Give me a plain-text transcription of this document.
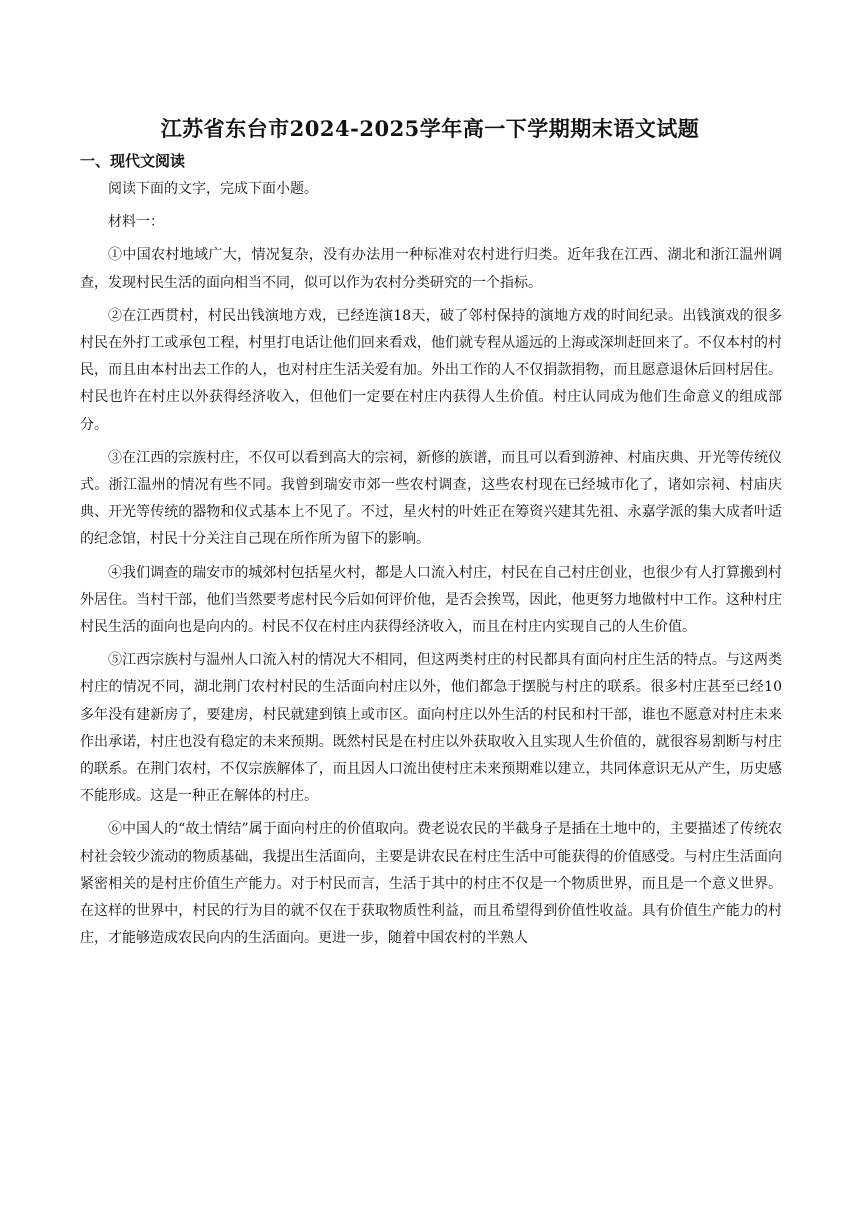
江苏省东台市2024-2025学年高一下学期期末语文试题
一、现代文阅读

阅读下面的文字，完成下面小题。

材料一：

①中国农村地域广大，情况复杂，没有办法用一种标准对农村进行归类。近年我在江西、湖北和浙江温州调查，发现村民生活的面向相当不同，似可以作为农村分类研究的一个指标。

②在江西贯村，村民出钱演地方戏，已经连演18天，破了邻村保持的演地方戏的时间纪录。出钱演戏的很多村民在外打工或承包工程，村里打电话让他们回来看戏，他们就专程从遥远的上海或深圳赶回来了。不仅本村的村民，而且由本村出去工作的人，也对村庄生活关爱有加。外出工作的人不仅捐款捐物，而且愿意退休后回村居住。村民也许在村庄以外获得经济收入，但他们一定要在村庄内获得人生价值。村庄认同成为他们生命意义的组成部分。

③在江西的宗族村庄，不仅可以看到高大的宗祠，新修的族谱，而且可以看到游神、村庙庆典、开光等传统仪式。浙江温州的情况有些不同。我曾到瑞安市郊一些农村调查，这些农村现在已经城市化了，诸如宗祠、村庙庆典、开光等传统的器物和仪式基本上不见了。不过，星火村的叶姓正在筹资兴建其先祖、永嘉学派的集大成者叶适的纪念馆，村民十分关注自己现在所作所为留下的影响。

④我们调查的瑞安市的城郊村包括星火村，都是人口流入村庄，村民在自己村庄创业，也很少有人打算搬到村外居住。当村干部，他们当然要考虑村民今后如何评价他，是否会挨骂，因此，他更努力地做村中工作。这种村庄村民生活的面向也是向内的。村民不仅在村庄内获得经济收入，而且在村庄内实现自己的人生价值。

⑤江西宗族村与温州人口流入村的情况大不相同，但这两类村庄的村民都具有面向村庄生活的特点。与这两类村庄的情况不同，湖北荆门农村村民的生活面向村庄以外，他们都急于摆脱与村庄的联系。很多村庄甚至已经10多年没有建新房了，要建房，村民就建到镇上或市区。面向村庄以外生活的村民和村干部，谁也不愿意对村庄未来作出承诺，村庄也没有稳定的未来预期。既然村民是在村庄以外获取收入且实现人生价值的，就很容易割断与村庄的联系。在荆门农村，不仅宗族解体了，而且因人口流出使村庄未来预期难以建立，共同体意识无从产生，历史感不能形成。这是一种正在解体的村庄。

⑥中国人的“故土情结”属于面向村庄的价值取向。费老说农民的半截身子是插在土地中的，主要描述了传统农村社会较少流动的物质基础，我提出生活面向，主要是讲农民在村庄生活中可能获得的价值感受。与村庄生活面向紧密相关的是村庄价值生产能力。对于村民而言，生活于其中的村庄不仅是一个物质世界，而且是一个意义世界。在这样的世界中，村民的行为目的就不仅在于获取物质性利益，而且希望得到价值性收益。具有价值生产能力的村庄，才能够造成农民向内的生活面向。更进一步，随着中国农村的半熟人
